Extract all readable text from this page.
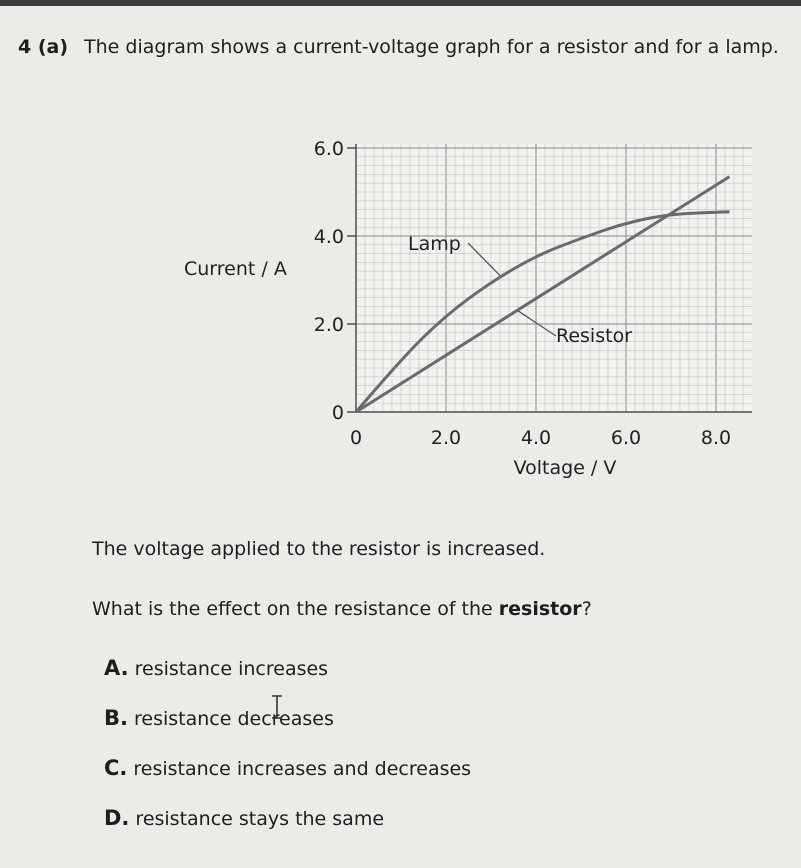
4 (a) The diagram shows a current-voltage graph for a resistor and for a lamp.
0
2.0
4.0
6.0
0	2.0	4.0	6.0	8.0
Current / A
Voltage / V
Lamp
Resistor
The voltage applied to the resistor is increased.
What is the effect on the resistance of the resistor?
A. resistance increases
B. resistance decreases
C. resistance increases and decreases
D. resistance stays the same
